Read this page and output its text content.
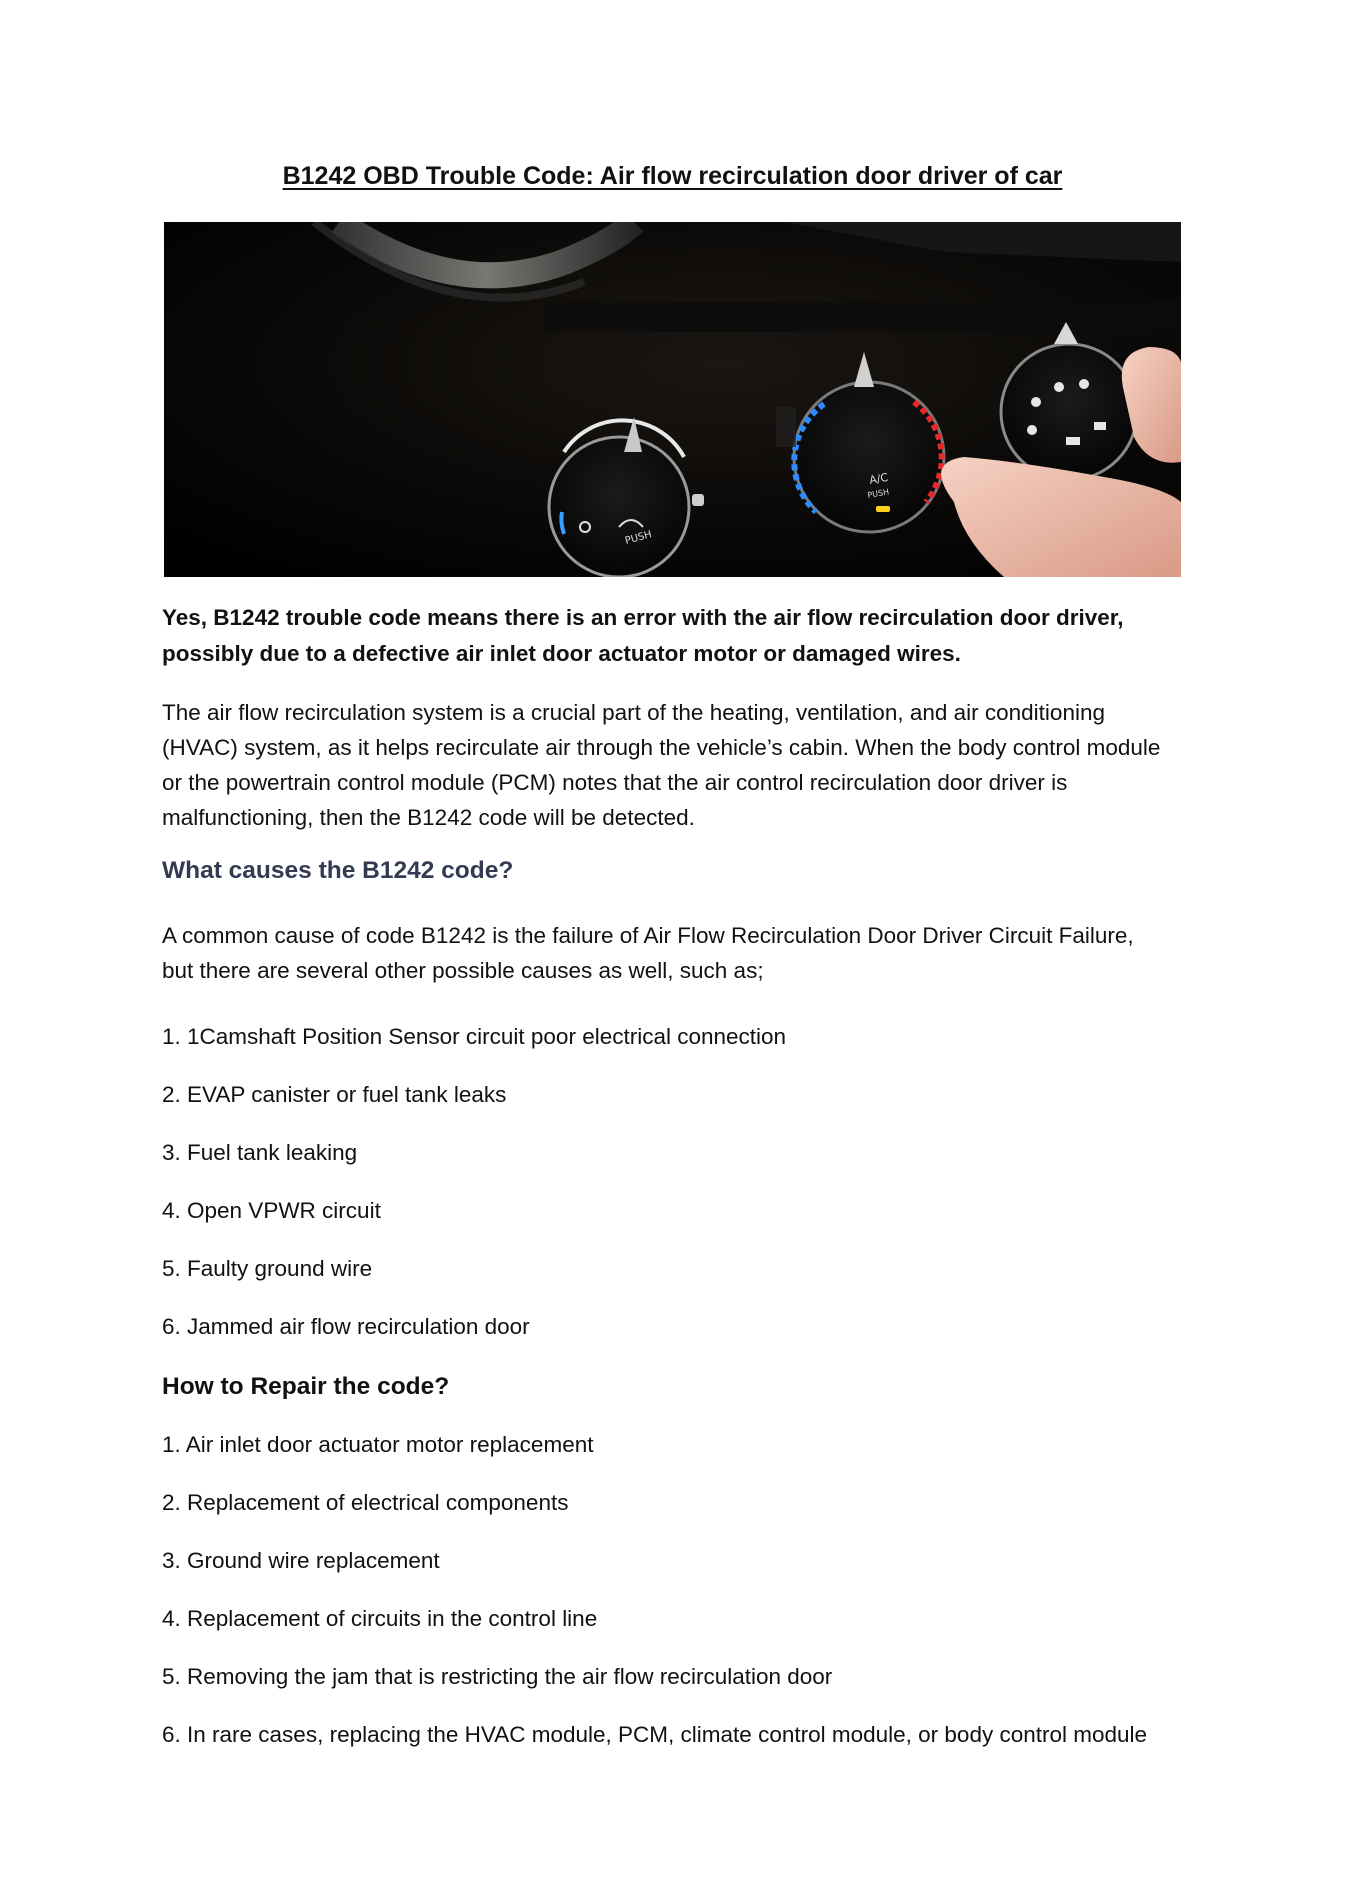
B1242 OBD Trouble Code: Air flow recirculation door driver of car
PUSH
A/C
PUSH
Yes, B1242 trouble code means there is an error with the air flow recirculation door driver,
possibly due to a defective air inlet door actuator motor or damaged wires.
The air flow recirculation system is a crucial part of the heating, ventilation, and air conditioning
(HVAC) system, as it helps recirculate air through the vehicle’s cabin. When the body control module
or the powertrain control module (PCM) notes that the air control recirculation door driver is
malfunctioning, then the B1242 code will be detected.
What causes the B1242 code?
A common cause of code B1242 is the failure of Air Flow Recirculation Door Driver Circuit Failure,
but there are several other possible causes as well, such as;
1. 1Camshaft Position Sensor circuit poor electrical connection
2. EVAP canister or fuel tank leaks
3. Fuel tank leaking
4. Open VPWR circuit
5. Faulty ground wire
6. Jammed air flow recirculation door
How to Repair the code?
1. Air inlet door actuator motor replacement
2. Replacement of electrical components
3. Ground wire replacement
4. Replacement of circuits in the control line
5. Removing the jam that is restricting the air flow recirculation door
6. In rare cases, replacing the HVAC module, PCM, climate control module, or body control module
